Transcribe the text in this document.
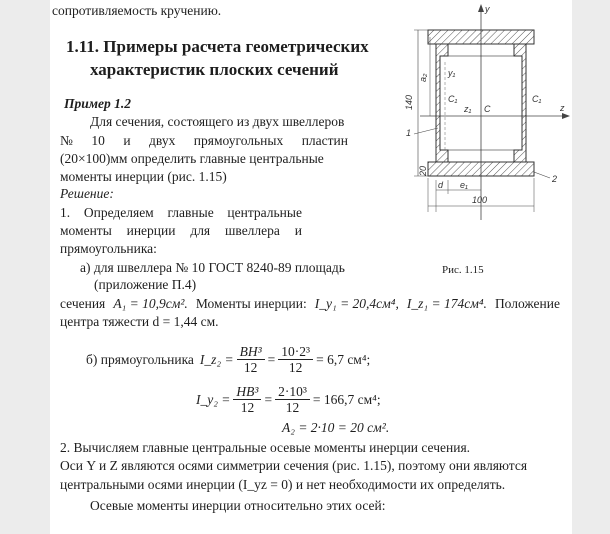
сопротивляемость кручению.
1.11. Примеры расчета геометрических
характеристик плоских сечений
Пример 1.2
Для сечения, состоящего из двух швеллеров
№ 10 и двух прямоугольных пластин
(20×100)мм определить главные центральные
моменты инерции (рис. 1.15)
Решение:
1. Определяем главные центральные
моменты инерции для швеллера и
прямоугольника:
а) для швеллера № 10 ГОСТ 8240-89 площадь
(приложение П.4)
сечения A₁ = 10,9см². Моменты инерции: I_y₁ = 20,4см⁴, I_z₁ = 174см⁴. Положение
центра тяжести d = 1,44 см.
б) прямоугольника I_z₂ = $\frac{\text{BH³}}{12} = \frac{\text{10·2³}}{12} = 6,7$ см⁴;
I_y₂ = $\frac{\text{HB³}}{12} = \frac{\text{2·10³}}{12} = 166,7$ см⁴;
A₂ = 2·10 = 20 см².
2. Вычисляем главные центральные осевые моменты инерции сечения.
Оси Y и Z являются осями симметрии сечения (рис. 1.15), поэтому они являются
центральными осями инерции (I_yz = 0) и нет необходимости их определять.
Осевые моменты инерции относительно этих осей:
Рис. 1.15
y
z
y₁
C₁
C
C₁
z₁
140
a₂
20
1
2
d e₁
100
